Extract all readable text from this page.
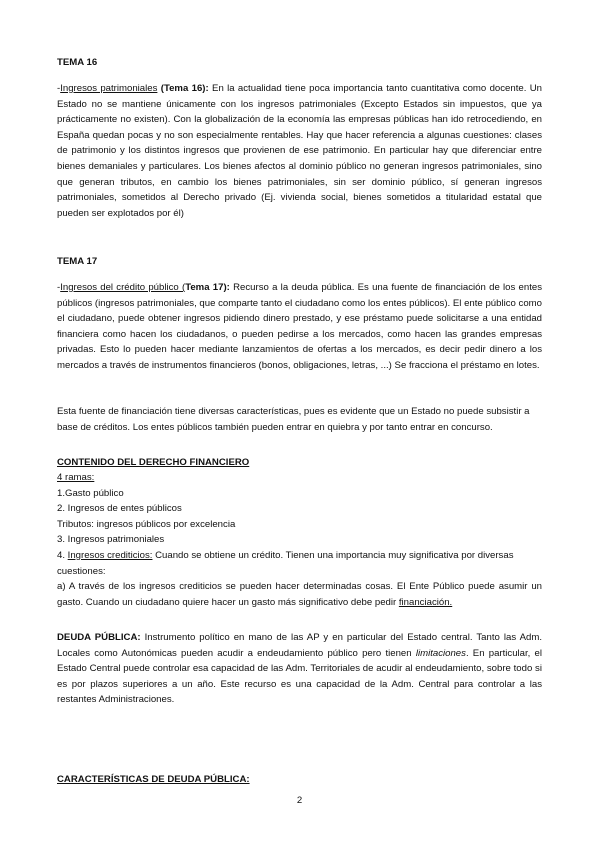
TEMA 16
-Ingresos patrimoniales (Tema 16): En la actualidad tiene poca importancia tanto cuantitativa como docente. Un Estado no se mantiene únicamente con los ingresos patrimoniales (Excepto Estados sin impuestos, que ya prácticamente no existen). Con la globalización de la economía las empresas públicas han ido retrocediendo, en España quedan pocas y no son especialmente rentables. Hay que hacer referencia a algunas cuestiones: clases de patrimonio y los distintos ingresos que provienen de ese patrimonio. En particular hay que diferenciar entre bienes demaniales y particulares. Los bienes afectos al dominio público no generan ingresos patrimoniales, sino que generan tributos, en cambio los bienes patrimoniales, sin ser dominio público, sí generan ingresos patrimoniales, sometidos al Derecho privado (Ej. vivienda social, bienes sometidos a titularidad estatal que pueden ser explotados por él)
TEMA 17
-Ingresos del crédito público (Tema 17): Recurso a la deuda pública. Es una fuente de financiación de los entes públicos (ingresos patrimoniales, que comparte tanto el ciudadano como los entes públicos). El ente público como el ciudadano, puede obtener ingresos pidiendo dinero prestado, y ese préstamo puede solicitarse a una entidad financiera como hacen los ciudadanos, o pueden pedirse a los mercados, como hacen las grandes empresas privadas. Esto lo pueden hacer mediante lanzamientos de ofertas a los mercados, es decir pedir dinero a los mercados a través de instrumentos financieros (bonos, obligaciones, letras, ...) Se fracciona el préstamo en lotes.
Esta fuente de financiación tiene diversas características, pues es evidente que un Estado no puede subsistir a base de créditos. Los entes públicos también pueden entrar en quiebra y por tanto entrar en concurso.
CONTENIDO DEL DERECHO FINANCIERO
4 ramas:
1.Gasto público
2. Ingresos de entes públicos
Tributos: ingresos públicos por excelencia
3. Ingresos patrimoniales
4. Ingresos crediticios: Cuando se obtiene un crédito. Tienen una importancia muy significativa por diversas cuestiones:
a) A través de los ingresos crediticios se pueden hacer determinadas cosas. El Ente Público puede asumir un gasto. Cuando un ciudadano quiere hacer un gasto más significativo debe pedir financiación.
DEUDA PÚBLICA: Instrumento político en mano de las AP y en particular del Estado central. Tanto las Adm. Locales como Autonómicas pueden acudir a endeudamiento público pero tienen limitaciones. En particular, el Estado Central puede controlar esa capacidad de las Adm. Territoriales de acudir al endeudamiento, sobre todo si es por plazos superiores a un año. Este recurso es una capacidad de la Adm. Central para controlar a las restantes Administraciones.
CARACTERÍSTICAS DE DEUDA PÚBLICA:
2
